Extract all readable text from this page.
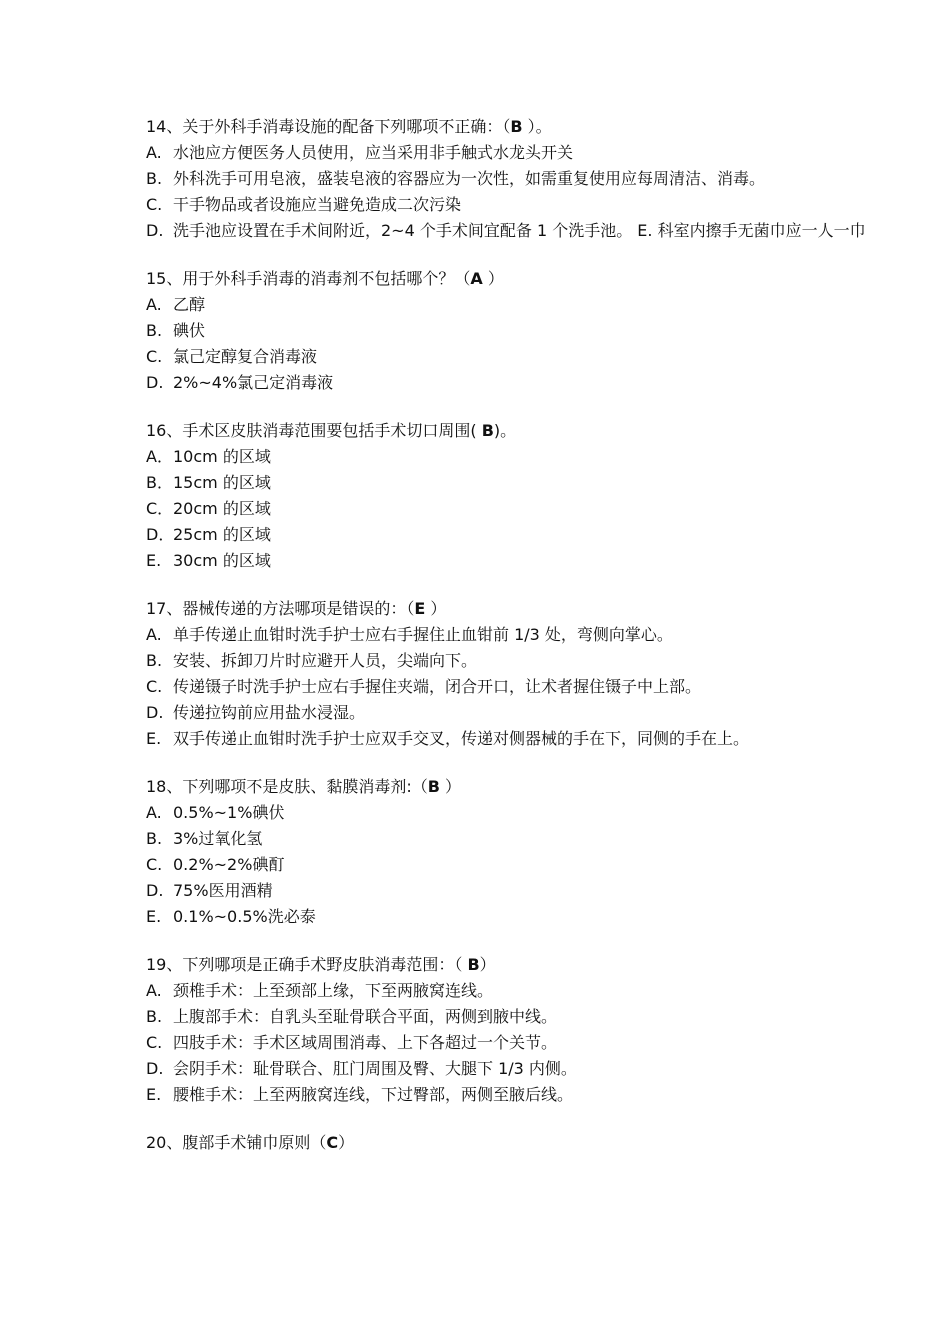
14、关于外科手消毒设施的配备下列哪项不正确：（B ）。
A. 水池应方便医务人员使用，应当采用非手触式水龙头开关
B. 外科洗手可用皂液，盛装皂液的容器应为一次性，如需重复使用应每周清洁、消毒。
C. 干手物品或者设施应当避免造成二次污染
D. 洗手池应设置在手术间附近，2~4 个手术间宜配备 1 个洗手池。 E. 科室内擦手无菌巾应一人一巾
15、用于外科手消毒的消毒剂不包括哪个？（A ）
A. 乙醇
B. 碘伏
C. 氯己定醇复合消毒液
D. 2%~4%氯己定消毒液
16、手术区皮肤消毒范围要包括手术切口周围( B)。
A． 10cm 的区域
B． 15cm 的区域
C． 20cm 的区域
D．
25cm 的区域
E. 30cm 的区域
17、器械传递的方法哪项是错误的：（E ）
A. 单手传递止血钳时洗手护士应右手握住止血钳前 1/3 处，弯侧向掌心。
B. 安装、拆卸刀片时应避开人员，尖端向下。
C. 传递镊子时洗手护士应右手握住夹端，闭合开口，让术者握住镊子中上部。
D. 传递拉钩前应用盐水浸湿。
E. 双手传递止血钳时洗手护士应双手交叉，传递对侧器械的手在下，同侧的手在上。
18、下列哪项不是皮肤、黏膜消毒剂:（B ）
A. 0.5%~1%碘伏
B. 3%过氧化氢
C. 0.2%~2%碘酊
D. 75%医用酒精
E. 0.1%~0.5%洗必泰
19、下列哪项是正确手术野皮肤消毒范围：（ B）
A. 颈椎手术：上至颈部上缘，下至两腋窝连线。
B. 上腹部手术：自乳头至耻骨联合平面，两侧到腋中线。
C. 四肢手术：手术区域周围消毒、上下各超过一个关节。
D. 会阴手术：耻骨联合、肛门周围及臀、大腿下 1/3 内侧。
E. 腰椎手术：上至两腋窝连线，下过臀部，两侧至腋后线。
20、腹部手术铺巾原则（C）
